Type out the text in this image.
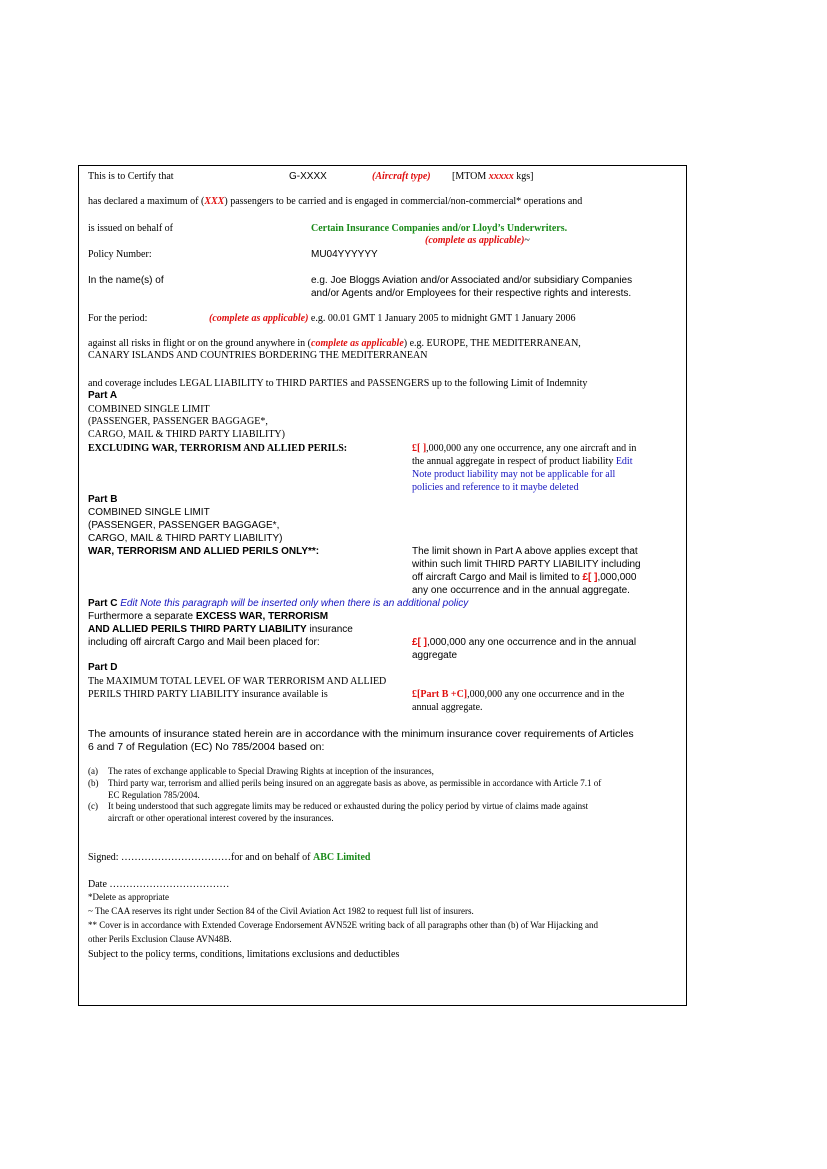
This is to Certify that	G-XXXX	(Aircraft type) [MTOM xxxxx kgs]
has declared a maximum of (XXX) passengers to be carried and is engaged in commercial/non-commercial* operations and
is issued on behalf of	Certain Insurance Companies and/or Lloyd’s Underwriters.
(complete as applicable)~
Policy Number:	MU04YYYYYY
In the name(s) of	e.g. Joe Bloggs Aviation and/or Associated and/or subsidiary Companies
and/or Agents and/or Employees for their respective rights and interests.
For the period:	(complete as applicable) e.g. 00.01 GMT 1 January 2005 to midnight GMT 1 January 2006
against all risks in flight or on the ground anywhere in (complete as applicable) e.g. EUROPE, THE MEDITERRANEAN,
CANARY ISLANDS AND COUNTRIES BORDERING THE MEDITERRANEAN
and coverage includes LEGAL LIABILITY to THIRD PARTIES and PASSENGERS up to the following Limit of Indemnity
Part A
COMBINED SINGLE LIMIT
(PASSENGER, PASSENGER BAGGAGE*,
CARGO, MAIL & THIRD PARTY LIABILITY)
EXCLUDING WAR, TERRORISM AND ALLIED PERILS:	£[ ],000,000 any one occurrence, any one aircraft and in
the annual aggregate in respect of product liability Edit
Note product liability may not be applicable for all
policies and reference to it maybe deleted
Part B
COMBINED SINGLE LIMIT
(PASSENGER, PASSENGER BAGGAGE*,
CARGO, MAIL & THIRD PARTY LIABILITY)
WAR, TERRORISM AND ALLIED PERILS ONLY**:	The limit shown in Part A above applies except that
within such limit THIRD PARTY LIABILITY including
off aircraft Cargo and Mail is limited to £[ ],000,000
any one occurrence and in the annual aggregate.
Part C Edit Note this paragraph will be inserted only when there is an additional policy
Furthermore a separate EXCESS WAR, TERRORISM
AND ALLIED PERILS THIRD PARTY LIABILITY insurance
including off aircraft Cargo and Mail been placed for:	£[ ],000,000 any one occurrence and in the annual
aggregate
Part D
The MAXIMUM TOTAL LEVEL OF WAR TERRORISM AND ALLIED
PERILS THIRD PARTY LIABILITY insurance available is	£[Part B +C],000,000 any one occurrence and in the
annual aggregate.
The amounts of insurance stated herein are in accordance with the minimum insurance cover requirements of Articles
6 and 7 of Regulation (EC) No 785/2004 based on:
(a) The rates of exchange applicable to Special Drawing Rights at inception of the insurances,
(b) Third party war, terrorism and allied perils being insured on an aggregate basis as above, as permissible in accordance with Article 7.1 of
EC Regulation 785/2004.
(c) It being understood that such aggregate limits may be reduced or exhausted during the policy period by virtue of claims made against
aircraft or other operational interest covered by the insurances.
Signed: ……………………………for and on behalf of ABC Limited
Date ………………………………
*Delete as appropriate
~ The CAA reserves its right under Section 84 of the Civil Aviation Act 1982 to request full list of insurers.
** Cover is in accordance with Extended Coverage Endorsement AVN52E writing back of all paragraphs other than (b) of War Hijacking and
other Perils Exclusion Clause AVN48B.
Subject to the policy terms, conditions, limitations exclusions and deductibles
